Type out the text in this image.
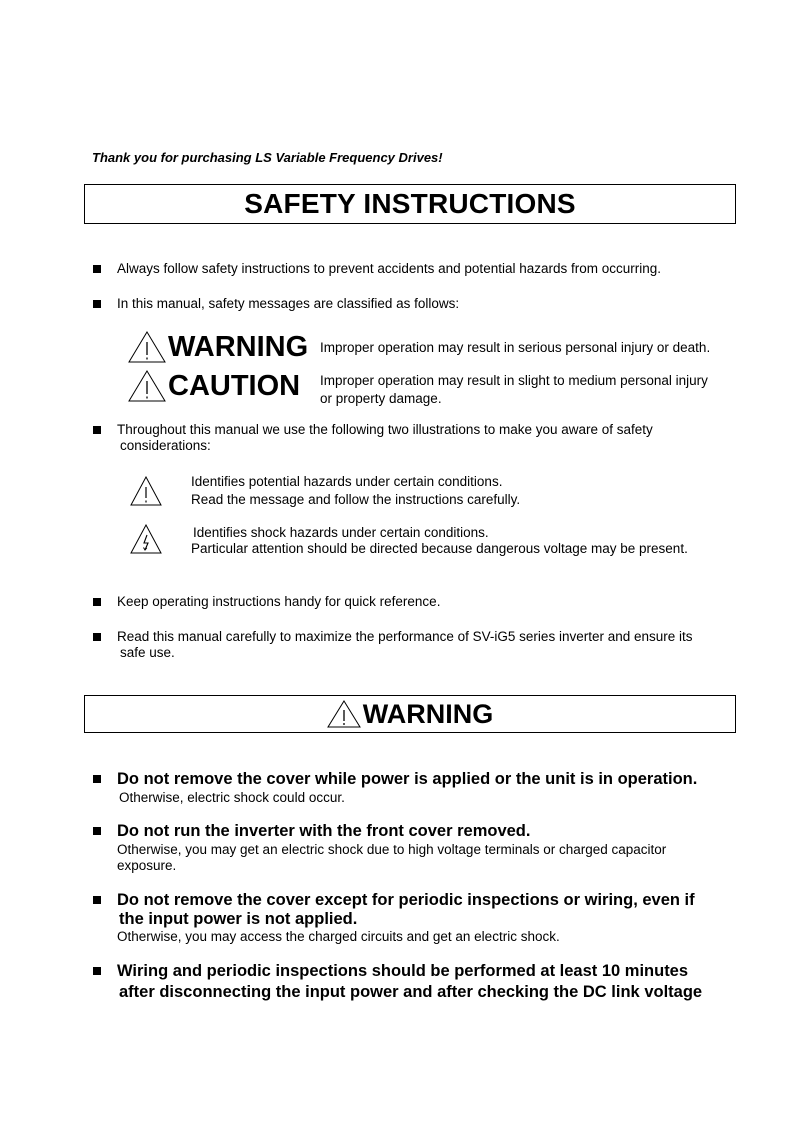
Thank you for purchasing LS Variable Frequency Drives!
SAFETY INSTRUCTIONS
Always follow safety instructions to prevent accidents and potential hazards from occurring.
In this manual, safety messages are classified as follows:
WARNING Improper operation may result in serious personal injury or death.
CAUTION Improper operation may result in slight to medium personal injury
or property damage.
Throughout this manual we use the following two illustrations to make you aware of safety
considerations:
Identifies potential hazards under certain conditions.
Read the message and follow the instructions carefully.
Identifies shock hazards under certain conditions.
Particular attention should be directed because dangerous voltage may be present.
Keep operating instructions handy for quick reference.
Read this manual carefully to maximize the performance of SV-iG5 series inverter and ensure its
safe use.
WARNING
Do not remove the cover while power is applied or the unit is in operation.
Otherwise, electric shock could occur.
Do not run the inverter with the front cover removed.
Otherwise, you may get an electric shock due to high voltage terminals or charged capacitor
exposure.
Do not remove the cover except for periodic inspections or wiring, even if
the input power is not applied.
Otherwise, you may access the charged circuits and get an electric shock.
Wiring and periodic inspections should be performed at least 10 minutes
after disconnecting the input power and after checking the DC link voltage
